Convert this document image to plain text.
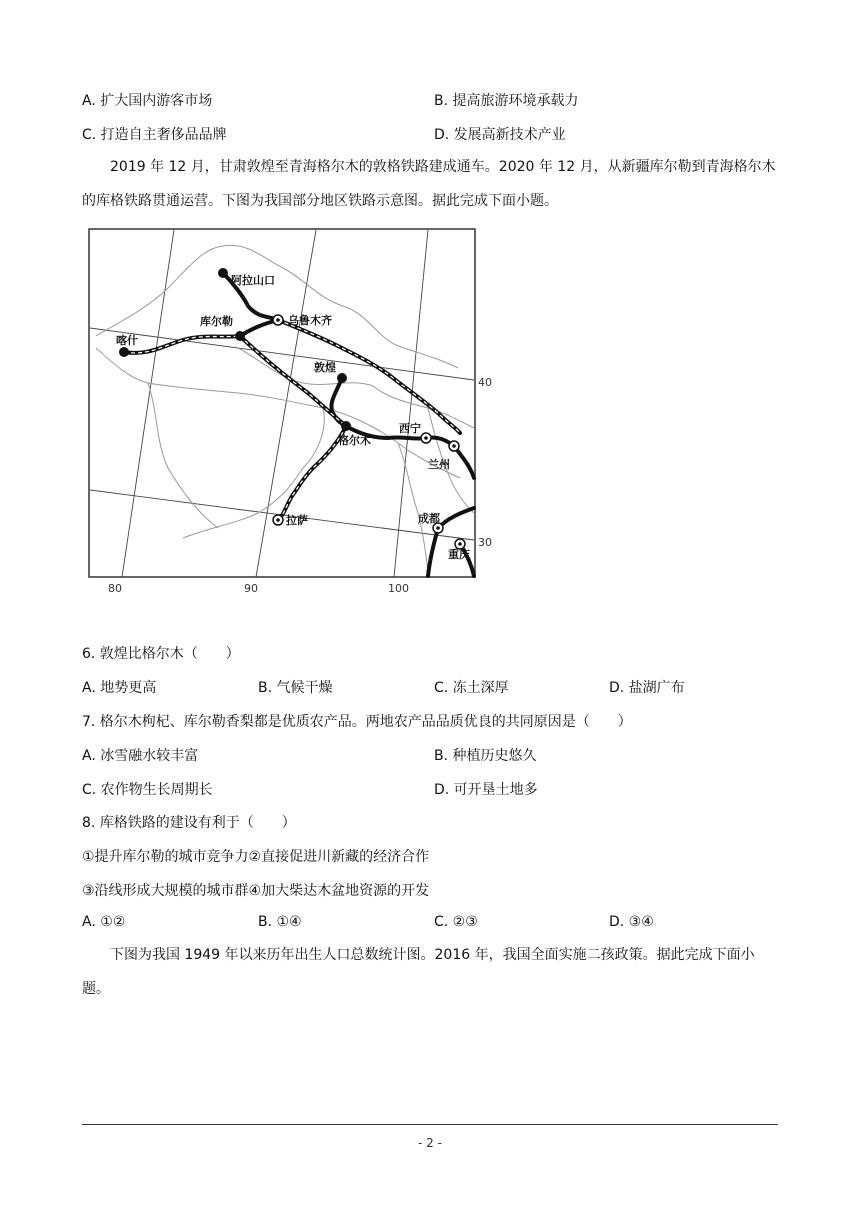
A. 扩大国内游客市场	B. 提高旅游环境承载力
C. 打造自主奢侈品品牌	D. 发展高新技术产业
2019 年 12 月，甘肃敦煌至青海格尔木的敦格铁路建成通车。2020 年 12 月，从新疆库尔勒到青海格尔木的库格铁路贯通运营。下图为我国部分地区铁路示意图。据此完成下面小题。
阿拉山口
乌鲁木齐
库尔勒
喀什
敦煌
西宁
格尔木
兰州
成都
拉萨
重庆
40
30
80	90	100
6. 敦煌比格尔木（　　）
A. 地势更高	B. 气候干燥	C. 冻土深厚	D. 盐湖广布
7. 格尔木枸杞、库尔勒香梨都是优质农产品。两地农产品品质优良的共同原因是（　　）
A. 冰雪融水较丰富	B. 种植历史悠久
C. 农作物生长周期长	D. 可开垦土地多
8. 库格铁路的建设有利于（　　）
①提升库尔勒的城市竞争力②直接促进川新藏的经济合作
③沿线形成大规模的城市群④加大柴达木盆地资源的开发
A. ①②	B. ①④	C. ②③	D. ③④
下图为我国 1949 年以来历年出生人口总数统计图。2016 年，我国全面实施二孩政策。据此完成下面小题。
- 2 -
